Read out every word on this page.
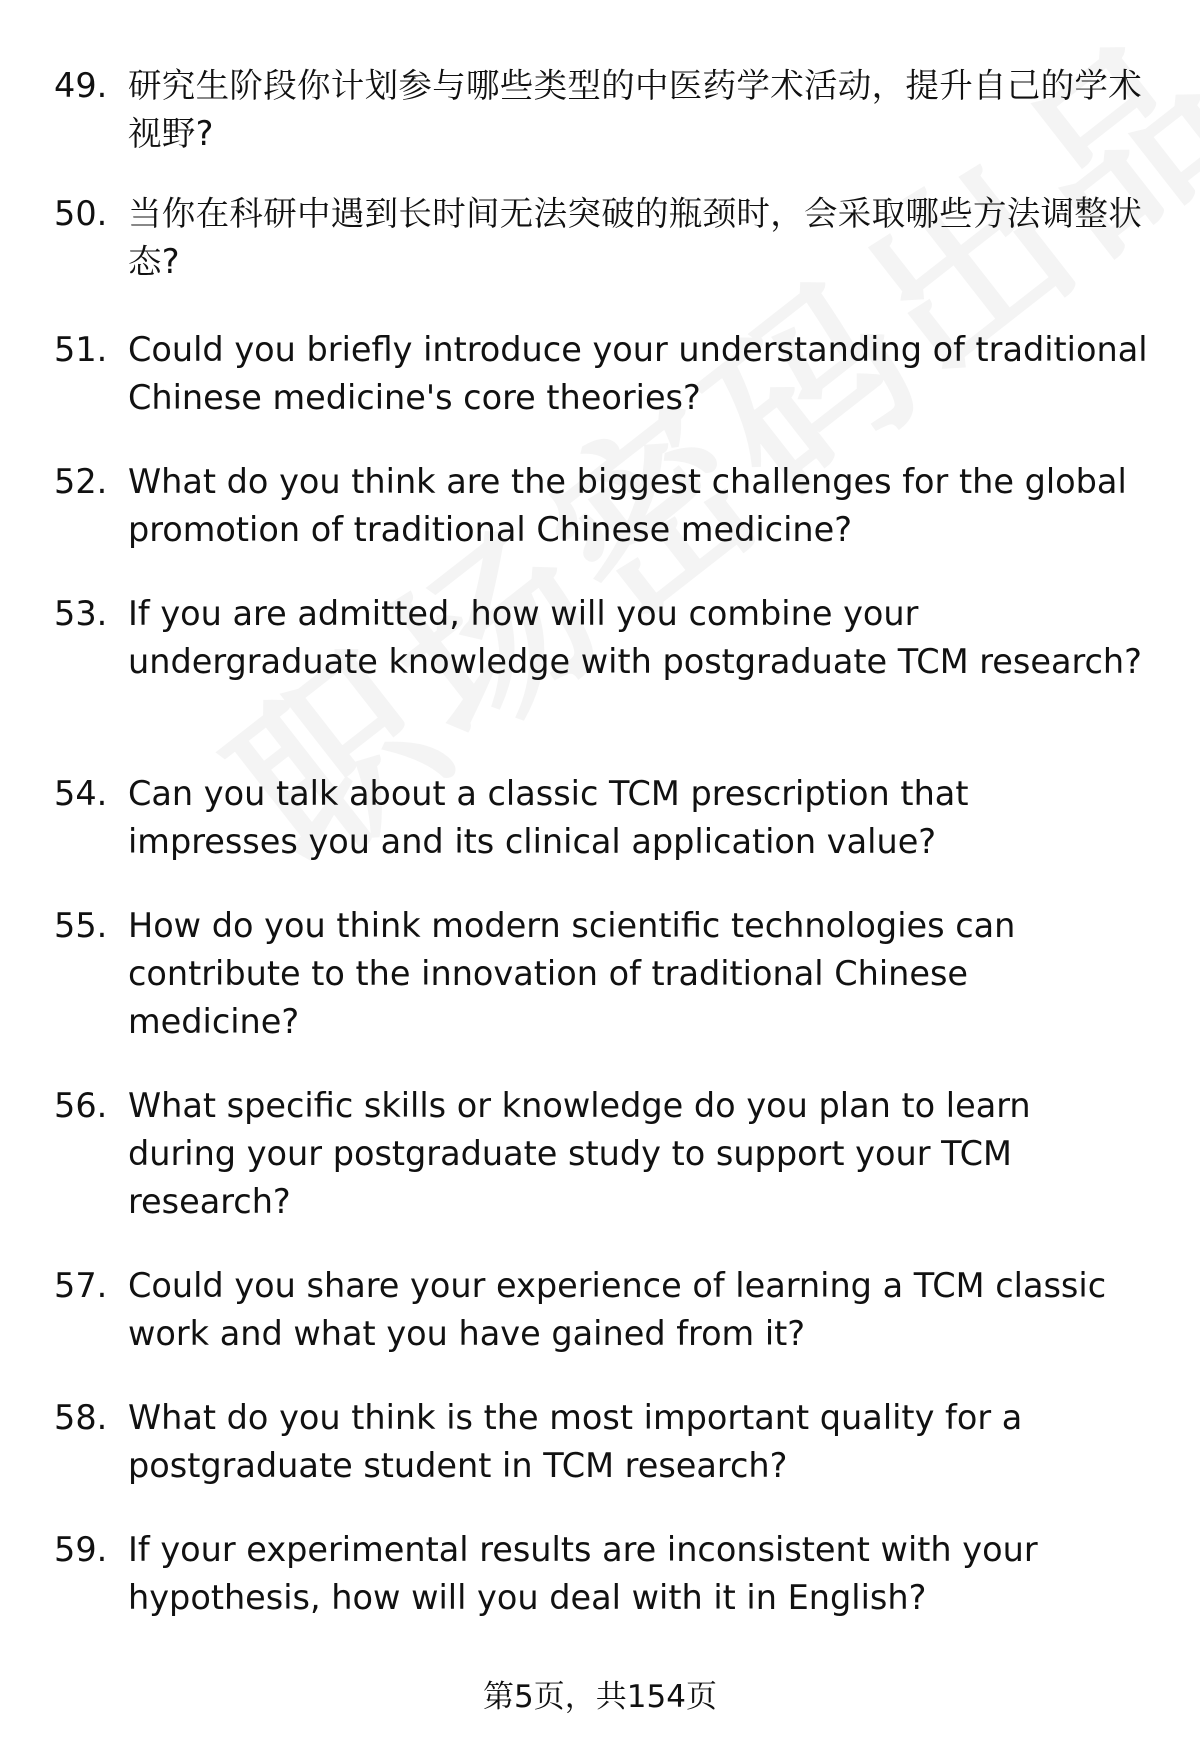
49. 研究生阶段你计划参与哪些类型的中医药学术活动，提升自己的学术视野?
50. 当你在科研中遇到长时间无法突破的瓶颈时，会采取哪些方法调整状态?
51. Could you briefly introduce your understanding of traditional Chinese medicine's core theories?
52. What do you think are the biggest challenges for the global promotion of traditional Chinese medicine?
53. If you are admitted, how will you combine your undergraduate knowledge with postgraduate TCM research?
54. Can you talk about a classic TCM prescription that impresses you and its clinical application value?
55. How do you think modern scientific technologies can contribute to the innovation of traditional Chinese medicine?
56. What specific skills or knowledge do you plan to learn during your postgraduate study to support your TCM research?
57. Could you share your experience of learning a TCM classic work and what you have gained from it?
58. What do you think is the most important quality for a postgraduate student in TCM research?
59. If your experimental results are inconsistent with your hypothesis, how will you deal with it in English?
第5页，共154页
